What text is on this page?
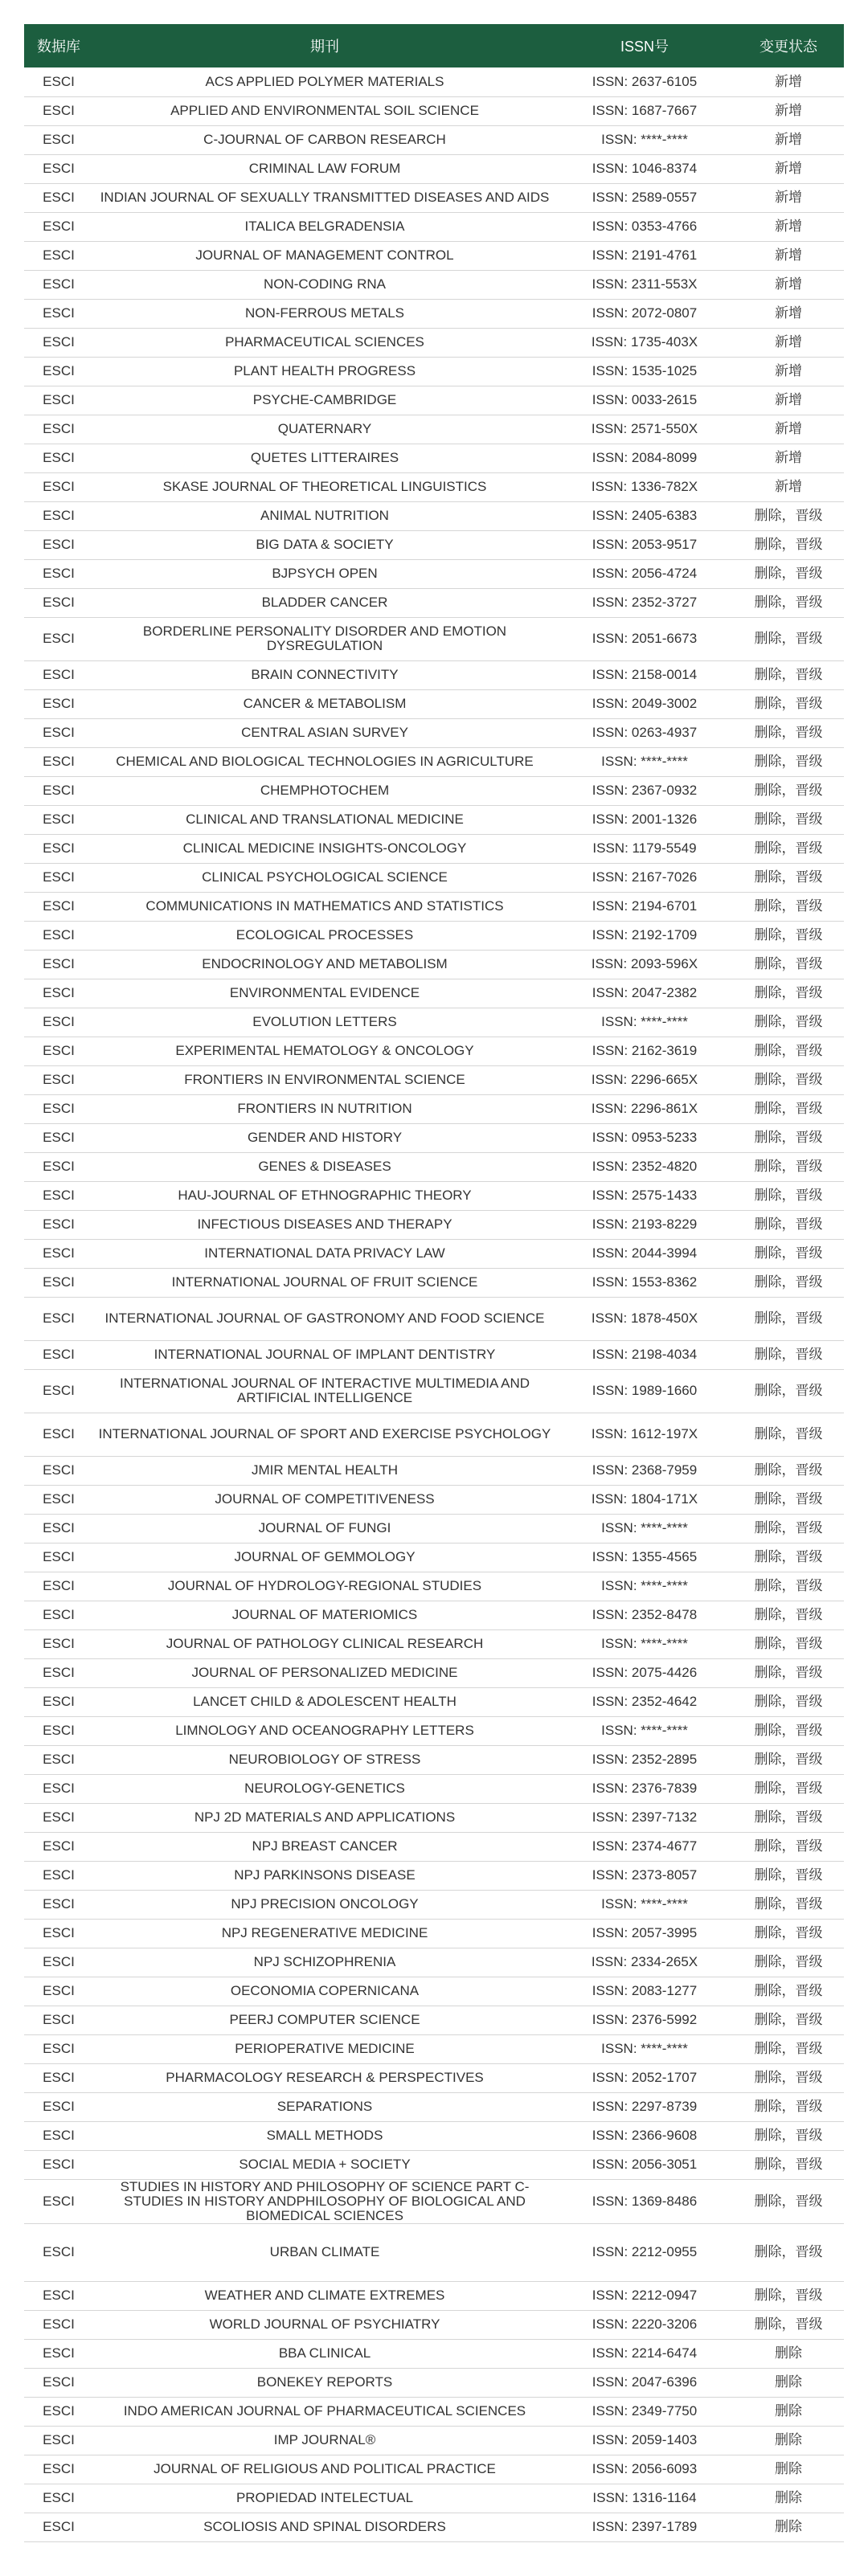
数据库	期刊	ISSN号	变更状态
ESCI	ACS APPLIED POLYMER MATERIALS	ISSN: 2637-6105	新增
ESCI	APPLIED AND ENVIRONMENTAL SOIL SCIENCE	ISSN: 1687-7667	新增
ESCI	C-JOURNAL OF CARBON RESEARCH	ISSN: ****-****	新增
ESCI	CRIMINAL LAW FORUM	ISSN: 1046-8374	新增
ESCI	INDIAN JOURNAL OF SEXUALLY TRANSMITTED DISEASES AND AIDS	ISSN: 2589-0557	新增
ESCI	ITALICA BELGRADENSIA	ISSN: 0353-4766	新增
ESCI	JOURNAL OF MANAGEMENT CONTROL	ISSN: 2191-4761	新增
ESCI	NON-CODING RNA	ISSN: 2311-553X	新增
ESCI	NON-FERROUS METALS	ISSN: 2072-0807	新增
ESCI	PHARMACEUTICAL SCIENCES	ISSN: 1735-403X	新增
ESCI	PLANT HEALTH PROGRESS	ISSN: 1535-1025	新增
ESCI	PSYCHE-CAMBRIDGE	ISSN: 0033-2615	新增
ESCI	QUATERNARY	ISSN: 2571-550X	新增
ESCI	QUETES LITTERAIRES	ISSN: 2084-8099	新增
ESCI	SKASE JOURNAL OF THEORETICAL LINGUISTICS	ISSN: 1336-782X	新增
ESCI	ANIMAL NUTRITION	ISSN: 2405-6383	删除，晋级
ESCI	BIG DATA & SOCIETY	ISSN: 2053-9517	删除，晋级
ESCI	BJPSYCH OPEN	ISSN: 2056-4724	删除，晋级
ESCI	BLADDER CANCER	ISSN: 2352-3727	删除，晋级
ESCI	BORDERLINE PERSONALITY DISORDER AND EMOTION DYSREGULATION	ISSN: 2051-6673	删除，晋级
ESCI	BRAIN CONNECTIVITY	ISSN: 2158-0014	删除，晋级
ESCI	CANCER & METABOLISM	ISSN: 2049-3002	删除，晋级
ESCI	CENTRAL ASIAN SURVEY	ISSN: 0263-4937	删除，晋级
ESCI	CHEMICAL AND BIOLOGICAL TECHNOLOGIES IN AGRICULTURE	ISSN: ****-****	删除，晋级
ESCI	CHEMPHOTOCHEM	ISSN: 2367-0932	删除，晋级
ESCI	CLINICAL AND TRANSLATIONAL MEDICINE	ISSN: 2001-1326	删除，晋级
ESCI	CLINICAL MEDICINE INSIGHTS-ONCOLOGY	ISSN: 1179-5549	删除，晋级
ESCI	CLINICAL PSYCHOLOGICAL SCIENCE	ISSN: 2167-7026	删除，晋级
ESCI	COMMUNICATIONS IN MATHEMATICS AND STATISTICS	ISSN: 2194-6701	删除，晋级
ESCI	ECOLOGICAL PROCESSES	ISSN: 2192-1709	删除，晋级
ESCI	ENDOCRINOLOGY AND METABOLISM	ISSN: 2093-596X	删除，晋级
ESCI	ENVIRONMENTAL EVIDENCE	ISSN: 2047-2382	删除，晋级
ESCI	EVOLUTION LETTERS	ISSN: ****-****	删除，晋级
ESCI	EXPERIMENTAL HEMATOLOGY & ONCOLOGY	ISSN: 2162-3619	删除，晋级
ESCI	FRONTIERS IN ENVIRONMENTAL SCIENCE	ISSN: 2296-665X	删除，晋级
ESCI	FRONTIERS IN NUTRITION	ISSN: 2296-861X	删除，晋级
ESCI	GENDER AND HISTORY	ISSN: 0953-5233	删除，晋级
ESCI	GENES & DISEASES	ISSN: 2352-4820	删除，晋级
ESCI	HAU-JOURNAL OF ETHNOGRAPHIC THEORY	ISSN: 2575-1433	删除，晋级
ESCI	INFECTIOUS DISEASES AND THERAPY	ISSN: 2193-8229	删除，晋级
ESCI	INTERNATIONAL DATA PRIVACY LAW	ISSN: 2044-3994	删除，晋级
ESCI	INTERNATIONAL JOURNAL OF FRUIT SCIENCE	ISSN: 1553-8362	删除，晋级
ESCI	INTERNATIONAL JOURNAL OF GASTRONOMY AND FOOD SCIENCE	ISSN: 1878-450X	删除，晋级
ESCI	INTERNATIONAL JOURNAL OF IMPLANT DENTISTRY	ISSN: 2198-4034	删除，晋级
ESCI	INTERNATIONAL JOURNAL OF INTERACTIVE MULTIMEDIA AND ARTIFICIAL INTELLIGENCE	ISSN: 1989-1660	删除，晋级
ESCI	INTERNATIONAL JOURNAL OF SPORT AND EXERCISE PSYCHOLOGY	ISSN: 1612-197X	删除，晋级
ESCI	JMIR MENTAL HEALTH	ISSN: 2368-7959	删除，晋级
ESCI	JOURNAL OF COMPETITIVENESS	ISSN: 1804-171X	删除，晋级
ESCI	JOURNAL OF FUNGI	ISSN: ****-****	删除，晋级
ESCI	JOURNAL OF GEMMOLOGY	ISSN: 1355-4565	删除，晋级
ESCI	JOURNAL OF HYDROLOGY-REGIONAL STUDIES	ISSN: ****-****	删除，晋级
ESCI	JOURNAL OF MATERIOMICS	ISSN: 2352-8478	删除，晋级
ESCI	JOURNAL OF PATHOLOGY CLINICAL RESEARCH	ISSN: ****-****	删除，晋级
ESCI	JOURNAL OF PERSONALIZED MEDICINE	ISSN: 2075-4426	删除，晋级
ESCI	LANCET CHILD & ADOLESCENT HEALTH	ISSN: 2352-4642	删除，晋级
ESCI	LIMNOLOGY AND OCEANOGRAPHY LETTERS	ISSN: ****-****	删除，晋级
ESCI	NEUROBIOLOGY OF STRESS	ISSN: 2352-2895	删除，晋级
ESCI	NEUROLOGY-GENETICS	ISSN: 2376-7839	删除，晋级
ESCI	NPJ 2D MATERIALS AND APPLICATIONS	ISSN: 2397-7132	删除，晋级
ESCI	NPJ BREAST CANCER	ISSN: 2374-4677	删除，晋级
ESCI	NPJ PARKINSONS DISEASE	ISSN: 2373-8057	删除，晋级
ESCI	NPJ PRECISION ONCOLOGY	ISSN: ****-****	删除，晋级
ESCI	NPJ REGENERATIVE MEDICINE	ISSN: 2057-3995	删除，晋级
ESCI	NPJ SCHIZOPHRENIA	ISSN: 2334-265X	删除，晋级
ESCI	OECONOMIA COPERNICANA	ISSN: 2083-1277	删除，晋级
ESCI	PEERJ COMPUTER SCIENCE	ISSN: 2376-5992	删除，晋级
ESCI	PERIOPERATIVE MEDICINE	ISSN: ****-****	删除，晋级
ESCI	PHARMACOLOGY RESEARCH & PERSPECTIVES	ISSN: 2052-1707	删除，晋级
ESCI	SEPARATIONS	ISSN: 2297-8739	删除，晋级
ESCI	SMALL METHODS	ISSN: 2366-9608	删除，晋级
ESCI	SOCIAL MEDIA + SOCIETY	ISSN: 2056-3051	删除，晋级
ESCI	STUDIES IN HISTORY AND PHILOSOPHY OF SCIENCE PART C-STUDIES IN HISTORY ANDPHILOSOPHY OF BIOLOGICAL AND BIOMEDICAL SCIENCES	ISSN: 1369-8486	删除，晋级
ESCI	URBAN CLIMATE	ISSN: 2212-0955	删除，晋级
ESCI	WEATHER AND CLIMATE EXTREMES	ISSN: 2212-0947	删除，晋级
ESCI	WORLD JOURNAL OF PSYCHIATRY	ISSN: 2220-3206	删除，晋级
ESCI	BBA CLINICAL	ISSN: 2214-6474	删除
ESCI	BONEKEY REPORTS	ISSN: 2047-6396	删除
ESCI	INDO AMERICAN JOURNAL OF PHARMACEUTICAL SCIENCES	ISSN: 2349-7750	删除
ESCI	IMP JOURNAL®	ISSN: 2059-1403	删除
ESCI	JOURNAL OF RELIGIOUS AND POLITICAL PRACTICE	ISSN: 2056-6093	删除
ESCI	PROPIEDAD INTELECTUAL	ISSN: 1316-1164	删除
ESCI	SCOLIOSIS AND SPINAL DISORDERS	ISSN: 2397-1789	删除
